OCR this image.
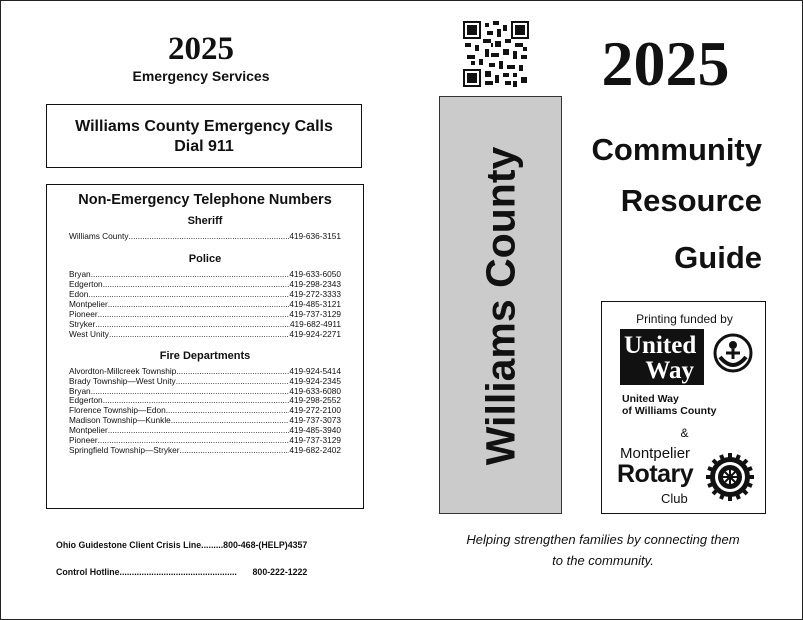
2025
Emergency Services
Williams County Emergency Calls
Dial 911
Non-Emergency Telephone Numbers
Sheriff
Williams County .....	419-636-3151
Police
Bryan .....	419-633-6050
Edgerton .....	419-298-2343
Edon .....	419-272-3333
Montpelier .....	419-485-3121
Pioneer .....	419-737-3129
Stryker .....	419-682-4911
West Unity .....	419-924-2271
Fire Departments
Alvordton-Millcreek Township .....	419-924-5414
Brady Township—West Unity .....	419-924-2345
Bryan .....	419-633-6080
Edgerton .....	419-298-2552
Florence Township—Edon .....	419-272-2100
Madison Township—Kunkle .....	419-737-3073
Montpelier .....	419-485-3940
Pioneer .....	419-737-3129
Springfield Township—Stryker .....	419-682-2402
Ohio Guidestone Client Crisis Line .....	800-468-(HELP)4357
Control Hotline .....	800-222-1222
2025
Williams County Community
Resource
Guide
Printing funded by
United
Way
United Way
of Williams County
&
Montpelier
Rotary
Club
Helping strengthen families by connecting them
to the community.
